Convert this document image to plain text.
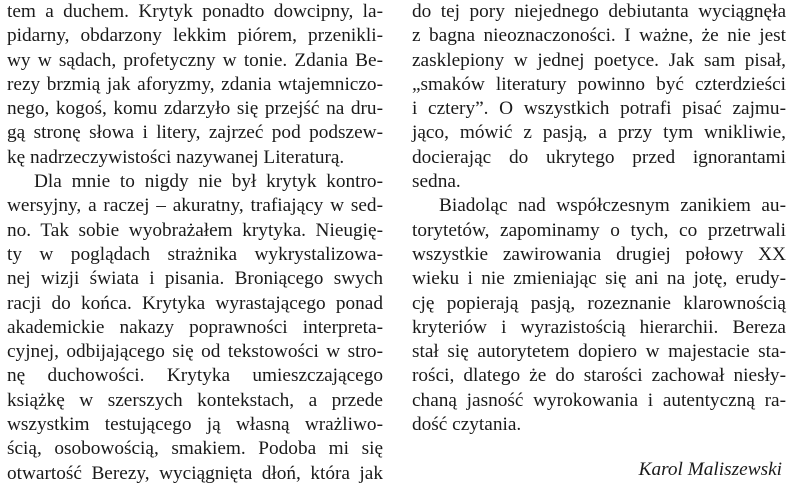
tem a duchem. Krytyk ponadto dowcipny, la-
pidarny, obdarzony lekkim piórem, przenikli-
wy w sądach, profetyczny w tonie. Zdania Be-
rezy brzmią jak aforyzmy, zdania wtajemniczo-
nego, kogoś, komu zdarzyło się przejść na dru-
gą stronę słowa i litery, zajrzeć pod podszew-
kę nadrzeczywistości nazywanej Literaturą.
Dla mnie to nigdy nie był krytyk kontro-
wersyjny, a raczej – akuratny, trafiający w sed-
no. Tak sobie wyobrażałem krytyka. Nieugię-
ty w poglądach strażnika wykrystalizowa-
nej wizji świata i pisania. Broniącego swych
racji do końca. Krytyka wyrastającego ponad
akademickie nakazy poprawności interpreta-
cyjnej, odbijającego się od tekstowości w stro-
nę duchowości. Krytyka umieszczającego
książkę w szerszych kontekstach, a przede
wszystkim testującego ją własną wrażliwo-
ścią, osobowością, smakiem. Podoba mi się
otwartość Berezy, wyciągnięta dłoń, która jak
do tej pory niejednego debiutanta wyciągnęła
z bagna nieoznaczoności. I ważne, że nie jest
zasklepiony w jednej poetyce. Jak sam pisał,
„smaków literatury powinno być czterdzieści
i cztery”. O wszystkich potrafi pisać zajmu-
jąco, mówić z pasją, a przy tym wnikliwie,
docierając do ukrytego przed ignorantami
sedna.
Biadoląc nad współczesnym zanikiem au-
torytetów, zapominamy o tych, co przetrwali
wszystkie zawirowania drugiej połowy XX
wieku i nie zmieniając się ani na jotę, erudy-
cję popierają pasją, rozeznanie klarownością
kryteriów i wyrazistością hierarchii. Bereza
stał się autorytetem dopiero w majestacie sta-
rości, dlatego że do starości zachował niesły-
chaną jasność wyrokowania i autentyczną ra-
dość czytania.
Karol Maliszewski
